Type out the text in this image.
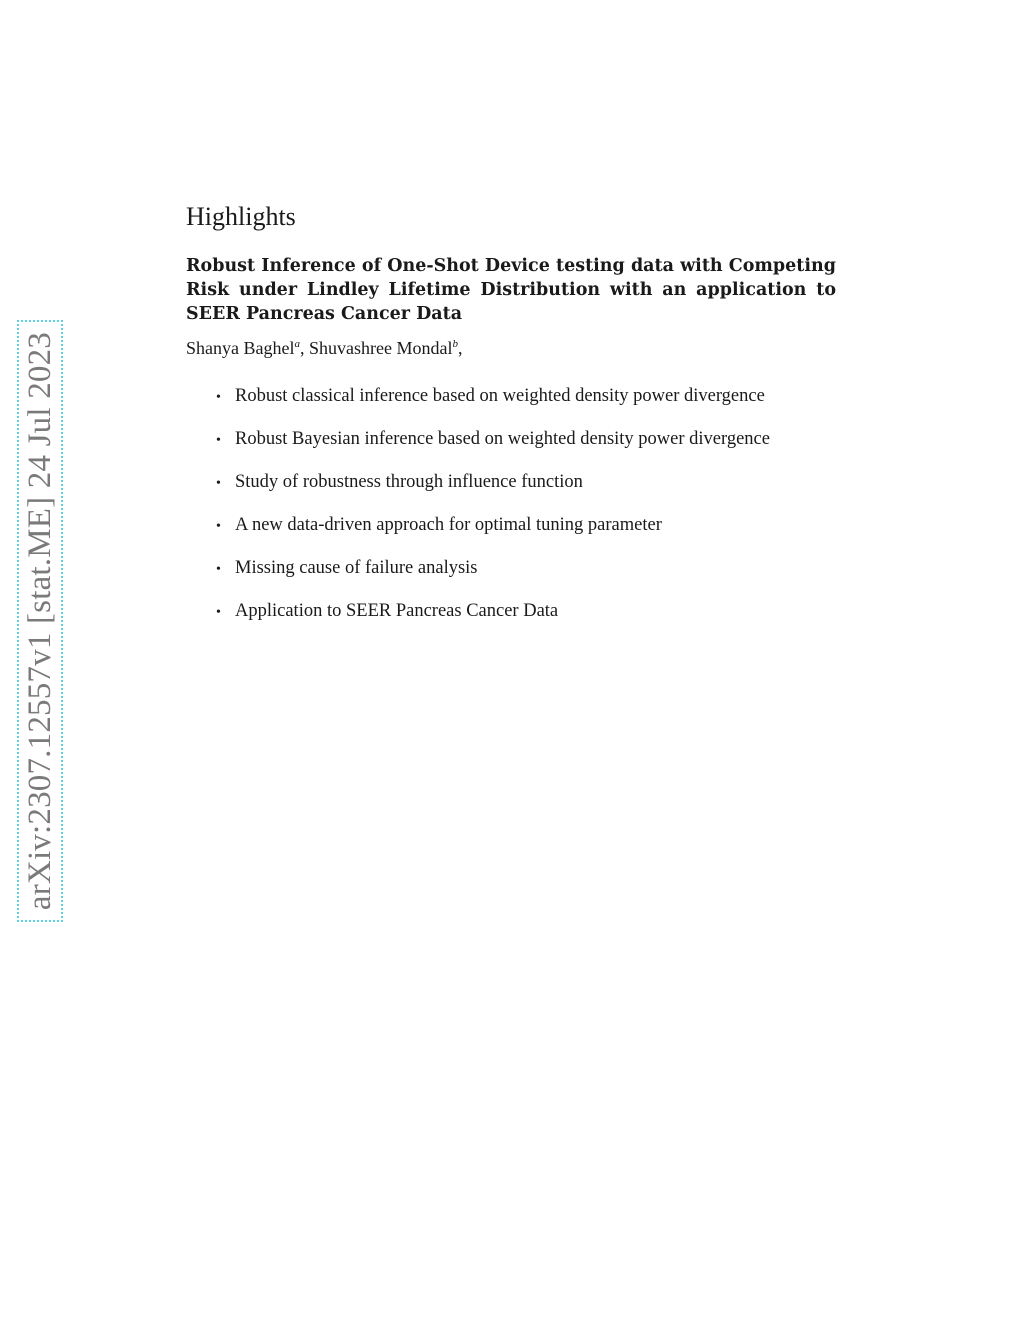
arXiv:2307.12557v1 [stat.ME] 24 Jul 2023
Highlights

Robust Inference of One-Shot Device testing data with Competing Risk under Lindley Lifetime Distribution with an application to SEER Pancreas Cancer Data

Shanya Baghel$^a$, Shuvashree Mondal$^b$,

• Robust classical inference based on weighted density power divergence
• Robust Bayesian inference based on weighted density power divergence
• Study of robustness through influence function
• A new data-driven approach for optimal tuning parameter
• Missing cause of failure analysis
• Application to SEER Pancreas Cancer Data
